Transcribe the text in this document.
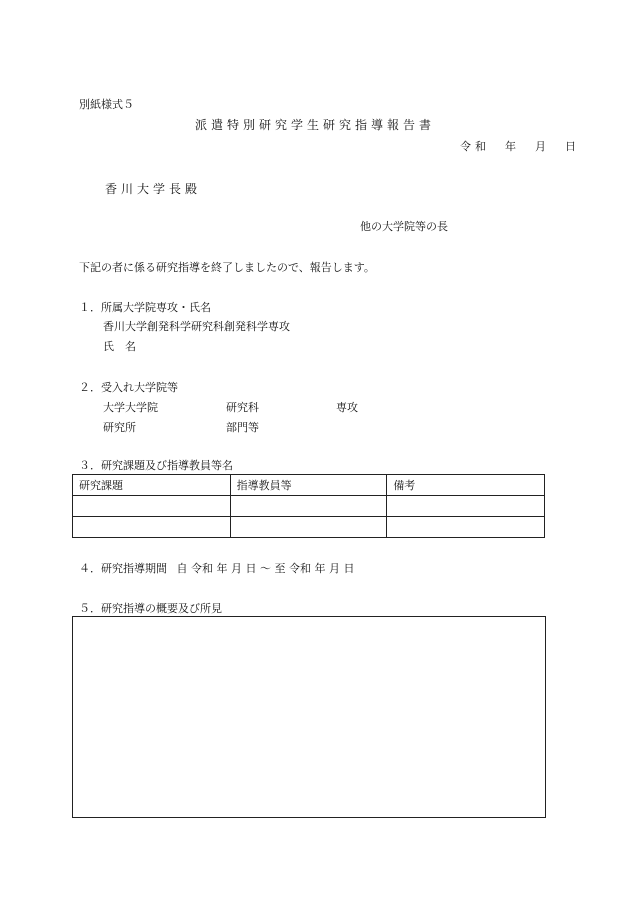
別紙様式５
派遣特別研究学生研究指導報告書
令和　年　月　日
香川大学長殿
他の大学院等の長
下記の者に係る研究指導を終了しましたので、報告します。
１．所属大学院専攻・氏名
香川大学創発科学研究科創発科学専攻
氏　名
２．受入れ大学院等
大学大学院	研究科	専攻
研究所	部門等
３．研究課題及び指導教員等名
研究課題	指導教員等	備考

４．研究指導期間 自 令和 年 月 日 〜 至 令和 年 月 日
５．研究指導の概要及び所見
